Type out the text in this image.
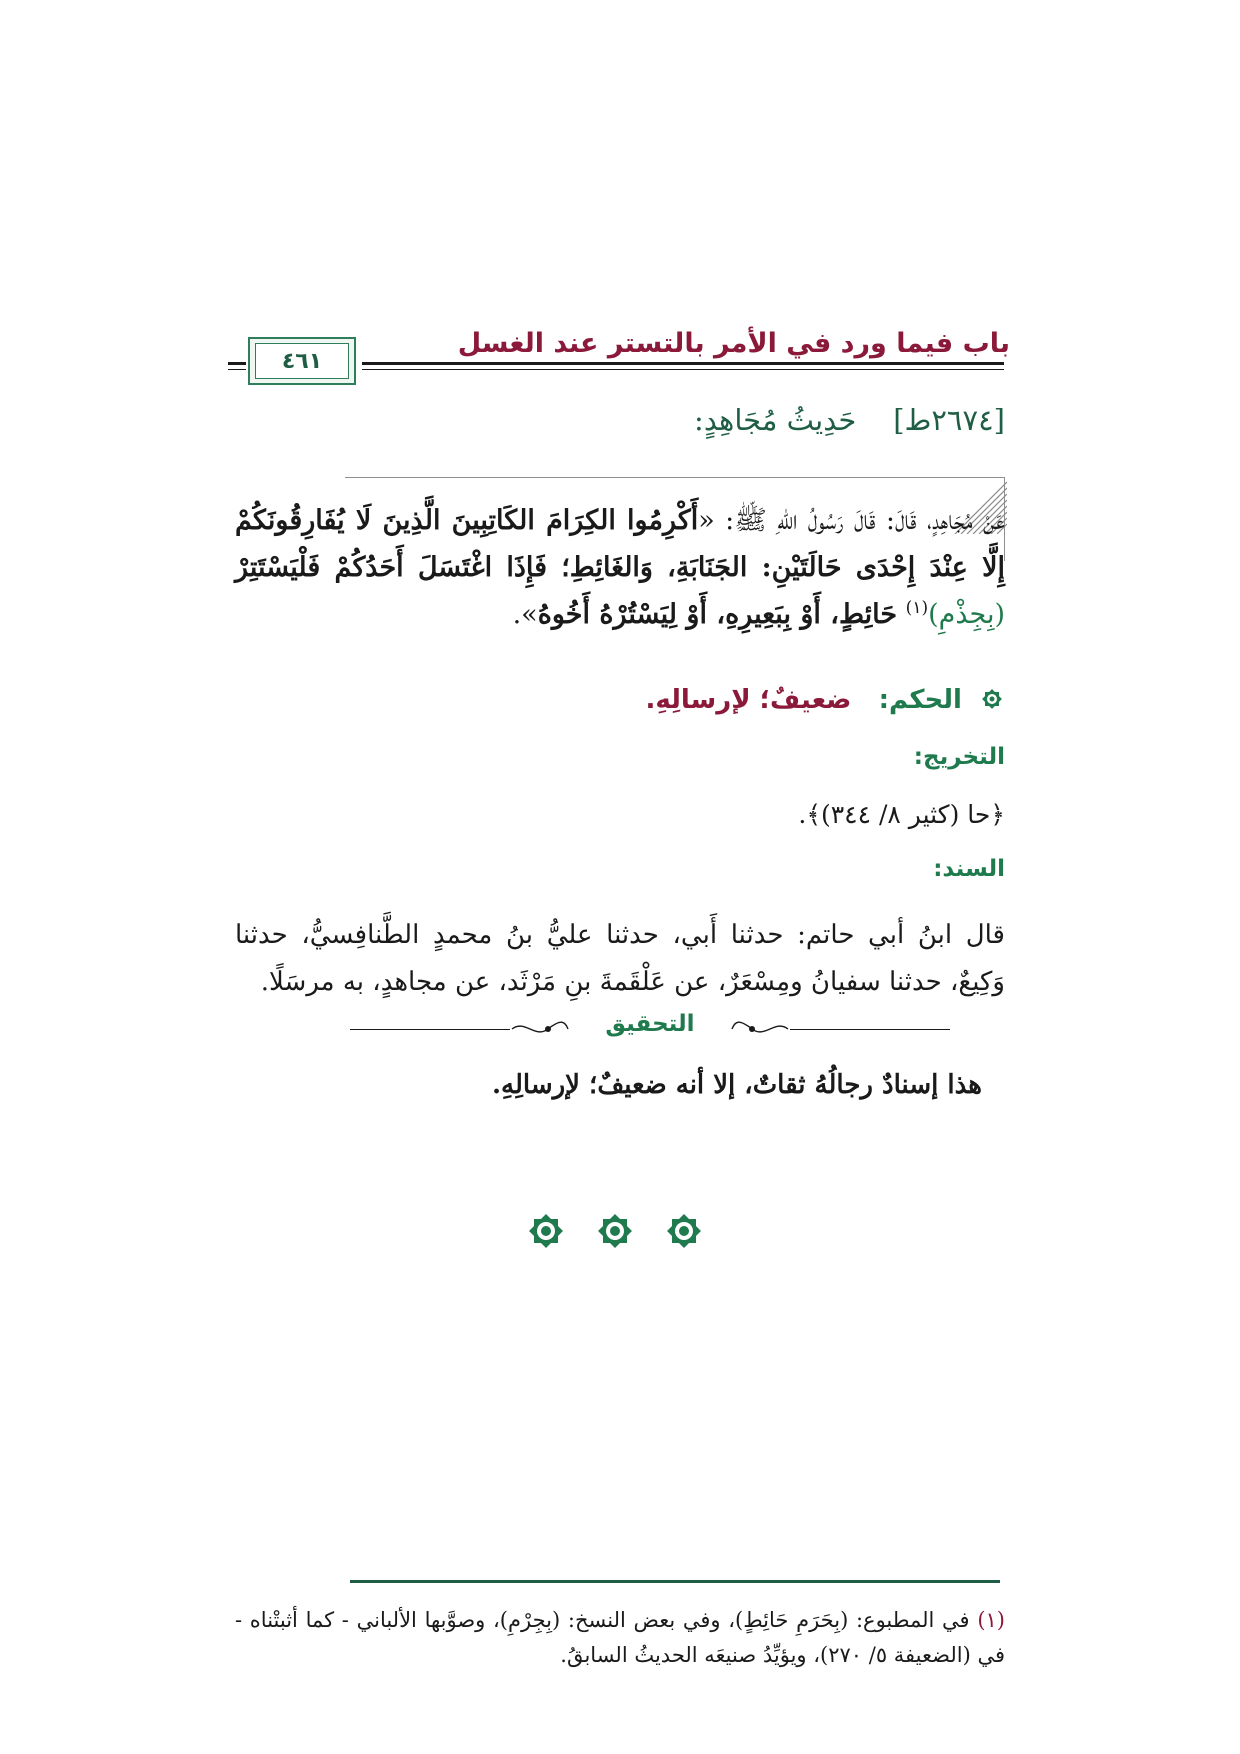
باب فيما ورد في الأمر بالتستر عند الغسل
٤٦١
[٢٦٧٤ط]    حَدِيثُ مُجَاهِدٍ:
عَنْ مُجَاهِدٍ، قَالَ: قَالَ رَسُولُ اللهِ ﷺ: «أَكْرِمُوا الكِرَامَ الكَاتِبِينَ الَّذِينَ لَا يُفَارِقُونَكُمْ إِلَّا عِنْدَ إِحْدَى حَالَتَيْنِ: الجَنَابَةِ، وَالغَائِطِ؛ فَإِذَا اغْتَسَلَ أَحَدُكُمْ فَلْيَسْتَتِرْ (بِجِذْمِ)$^{(١)}$ حَائِطٍ، أَوْ بِبَعِيرِهِ، أَوْ لِيَسْتُرْهُ أَخُوهُ».
الحكم:   ضعيفٌ؛ لإرسالِهِ.
التخريج:
﴿حا (كثير ٨/ ٣٤٤)﴾.
السند:
قال ابنُ أبي حاتم: حدثنا أَبي، حدثنا عليُّ بنُ محمدٍ الطَّنافِسيُّ، حدثنا وَكِيعٌ، حدثنا سفيانُ ومِسْعَرٌ، عن عَلْقَمةَ بنِ مَرْثَد، عن مجاهدٍ، به مرسَلًا.
التحقيق
هذا إسنادٌ رجالُهُ ثقاتٌ، إلا أنه ضعيفٌ؛ لإرسالِهِ.
(١) في المطبوع: (بِحَرَمِ حَائِطٍ)، وفي بعض النسخ: (بِجِرْمِ)، وصوَّبها الألباني - كما أثبتْناه - في (الضعيفة ٥/ ٢٧٠)، ويؤيِّدُ صنيعَه الحديثُ السابقُ.
